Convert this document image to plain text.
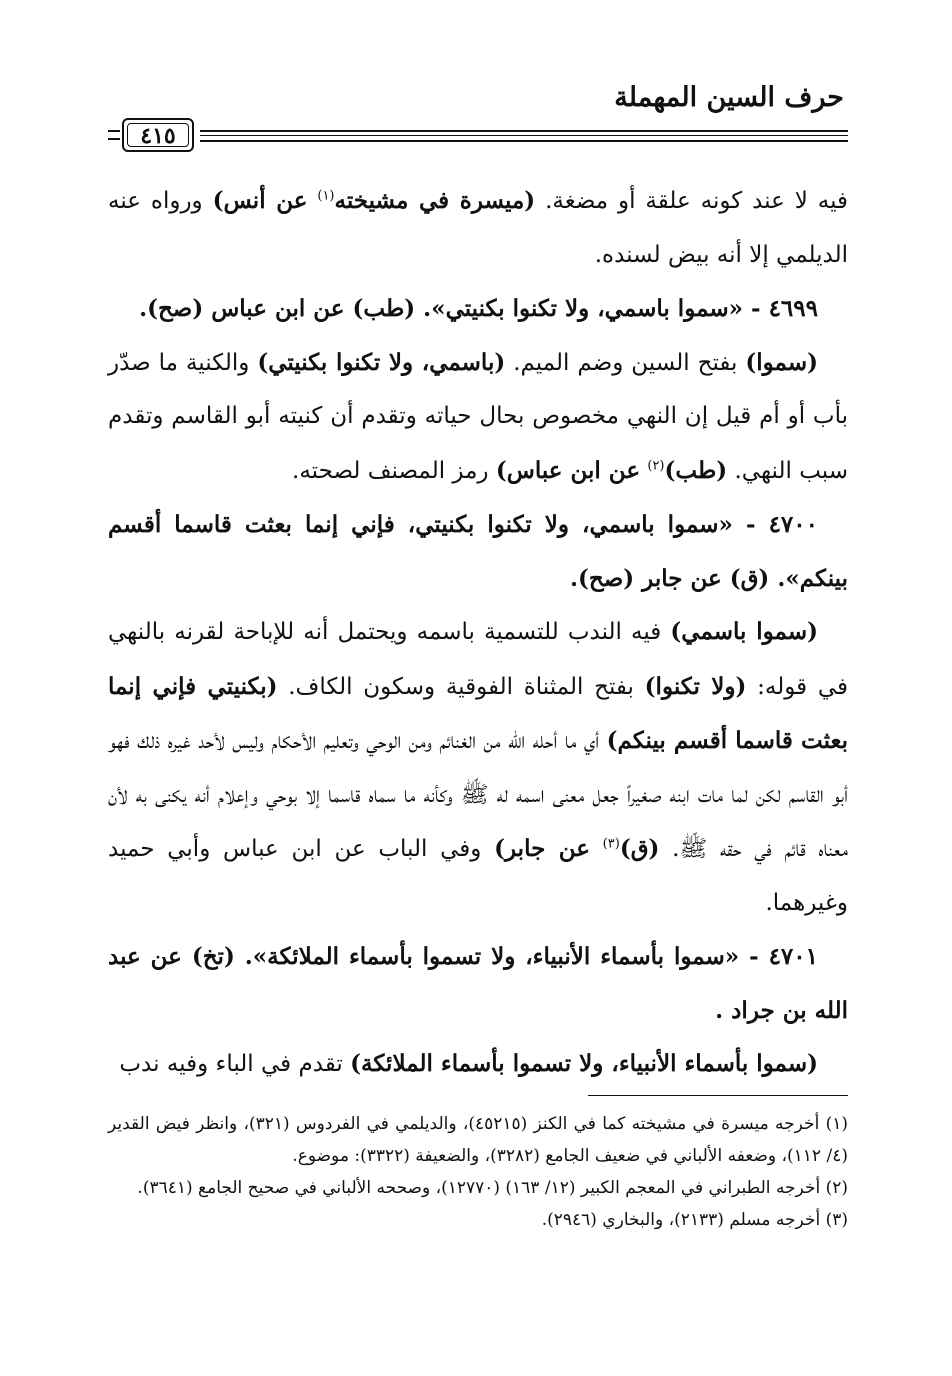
حرف السين المهملة
٤١٥

فيه لا عند كونه علقة أو مضغة. (ميسرة في مشيخته$^{(١)}$ عن أنس) ورواه عنه الديلمي إلا أنه بيض لسنده.

٤٦٩٩ - «سموا باسمي، ولا تكنوا بكنيتي». (طب) عن ابن عباس (صح).

(سموا) بفتح السين وضم الميم. (باسمي، ولا تكنوا بكنيتي) والكنية ما صدّر بأب أو أم قيل إن النهي مخصوص بحال حياته وتقدم أن كنيته أبو القاسم وتقدم سبب النهي. (طب)$^{(٢)}$ عن ابن عباس) رمز المصنف لصحته.

٤٧٠٠ - «سموا باسمي، ولا تكنوا بكنيتي، فإني إنما بعثت قاسما أقسم بينكم». (ق) عن جابر (صح).

(سموا باسمي) فيه الندب للتسمية باسمه ويحتمل أنه للإباحة لقرنه بالنهي في قوله: (ولا تكنوا) بفتح المثناة الفوقية وسكون الكاف. (بكنيتي فإني إنما بعثت قاسما أقسم بينكم) أي ما أحله الله من الغنائم ومن الوحي وتعليم الأحكام وليس لأحد غيره ذلك فهو أبو القاسم لكن لما مات ابنه صغيراً جعل معنى اسمه له ﷺ وكأنه ما سماه قاسما إلا بوحي وإعلام أنه يكنى به لأن معناه قائم في حقه ﷺ. (ق)$^{(٣)}$ عن جابر) وفي الباب عن ابن عباس وأبي حميد وغيرهما.

٤٧٠١ - «سموا بأسماء الأنبياء، ولا تسموا بأسماء الملائكة». (تخ) عن عبد الله بن جراد .

(سموا بأسماء الأنبياء، ولا تسموا بأسماء الملائكة) تقدم في الباء وفيه ندب

(١) أخرجه ميسرة في مشيخته كما في الكنز (٤٥٢١٥)، والديلمي في الفردوس (٣٢١)، وانظر فيض القدير (٤/ ١١٢)، وضعفه الألباني في ضعيف الجامع (٣٢٨٢)، والضعيفة (٣٣٢٢): موضوع.

(٢) أخرجه الطبراني في المعجم الكبير (١٢/ ١٦٣) (١٢٧٧٠)، وصححه الألباني في صحيح الجامع (٣٦٤١).

(٣) أخرجه مسلم (٢١٣٣)، والبخاري (٢٩٤٦).
